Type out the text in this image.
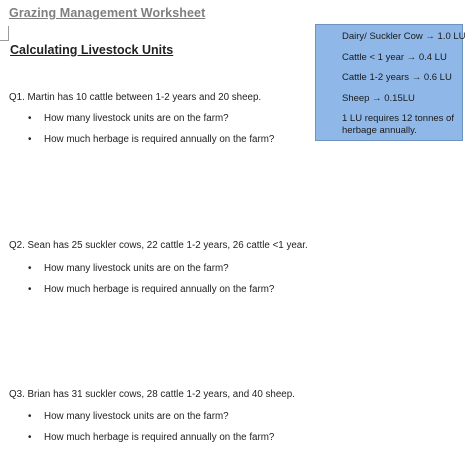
Grazing Management Worksheet
Calculating Livestock Units
Dairy/ Suckler Cow → 1.0 LU
Cattle < 1 year → 0.4 LU
Cattle 1-2 years → 0.6 LU
Sheep → 0.15LU
1 LU requires 12 tonnes of herbage annually.
Q1. Martin has 10 cattle between 1-2 years and 20 sheep.
• How many livestock units are on the farm?
• How much herbage is required annually on the farm?
Q2. Sean has 25 suckler cows, 22 cattle 1-2 years, 26 cattle <1 year.
• How many livestock units are on the farm?
• How much herbage is required annually on the farm?
Q3. Brian has 31 suckler cows, 28 cattle 1-2 years, and 40 sheep.
• How many livestock units are on the farm?
• How much herbage is required annually on the farm?
